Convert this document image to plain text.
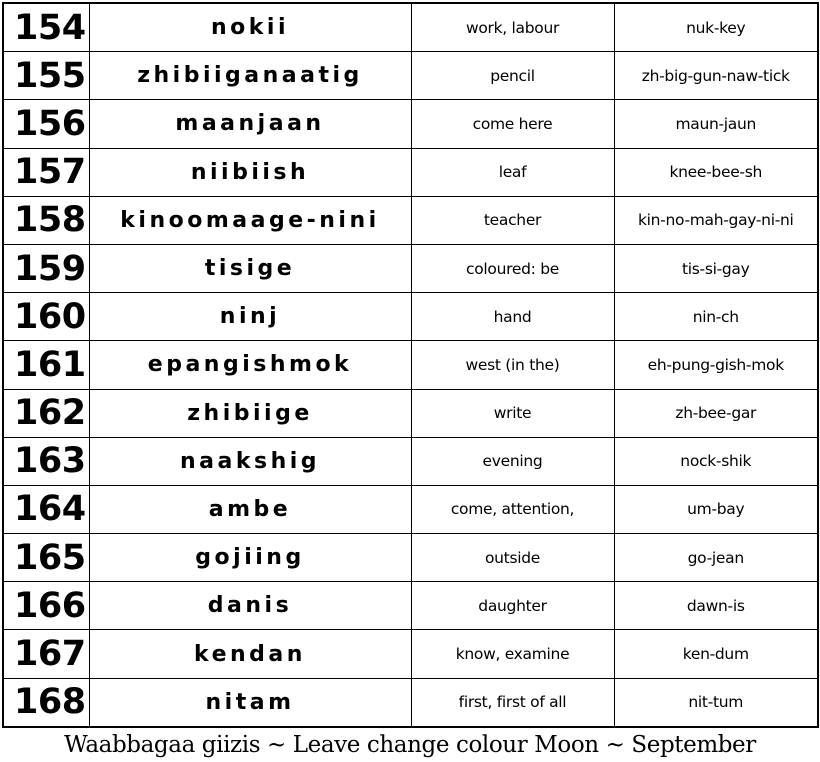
154	nokii	work, labour	nuk-key
155	zhibiiganaatig	pencil	zh-big-gun-naw-tick
156	maanjaan	come here	maun-jaun
157	niibiish	leaf	knee-bee-sh
158	kinoomaage-nini	teacher	kin-no-mah-gay-ni-ni
159	tisige	coloured: be	tis-si-gay
160	ninj	hand	nin-ch
161	epangishmok	west (in the)	eh-pung-gish-mok
162	zhibiige	write	zh-bee-gar
163	naakshig	evening	nock-shik
164	ambe	come, attention,	um-bay
165	gojiing	outside	go-jean
166	danis	daughter	dawn-is
167	kendan	know, examine	ken-dum
168	nitam	first, first of all	nit-tum
Waabbagaa giizis ~ Leave change colour Moon ~ September
